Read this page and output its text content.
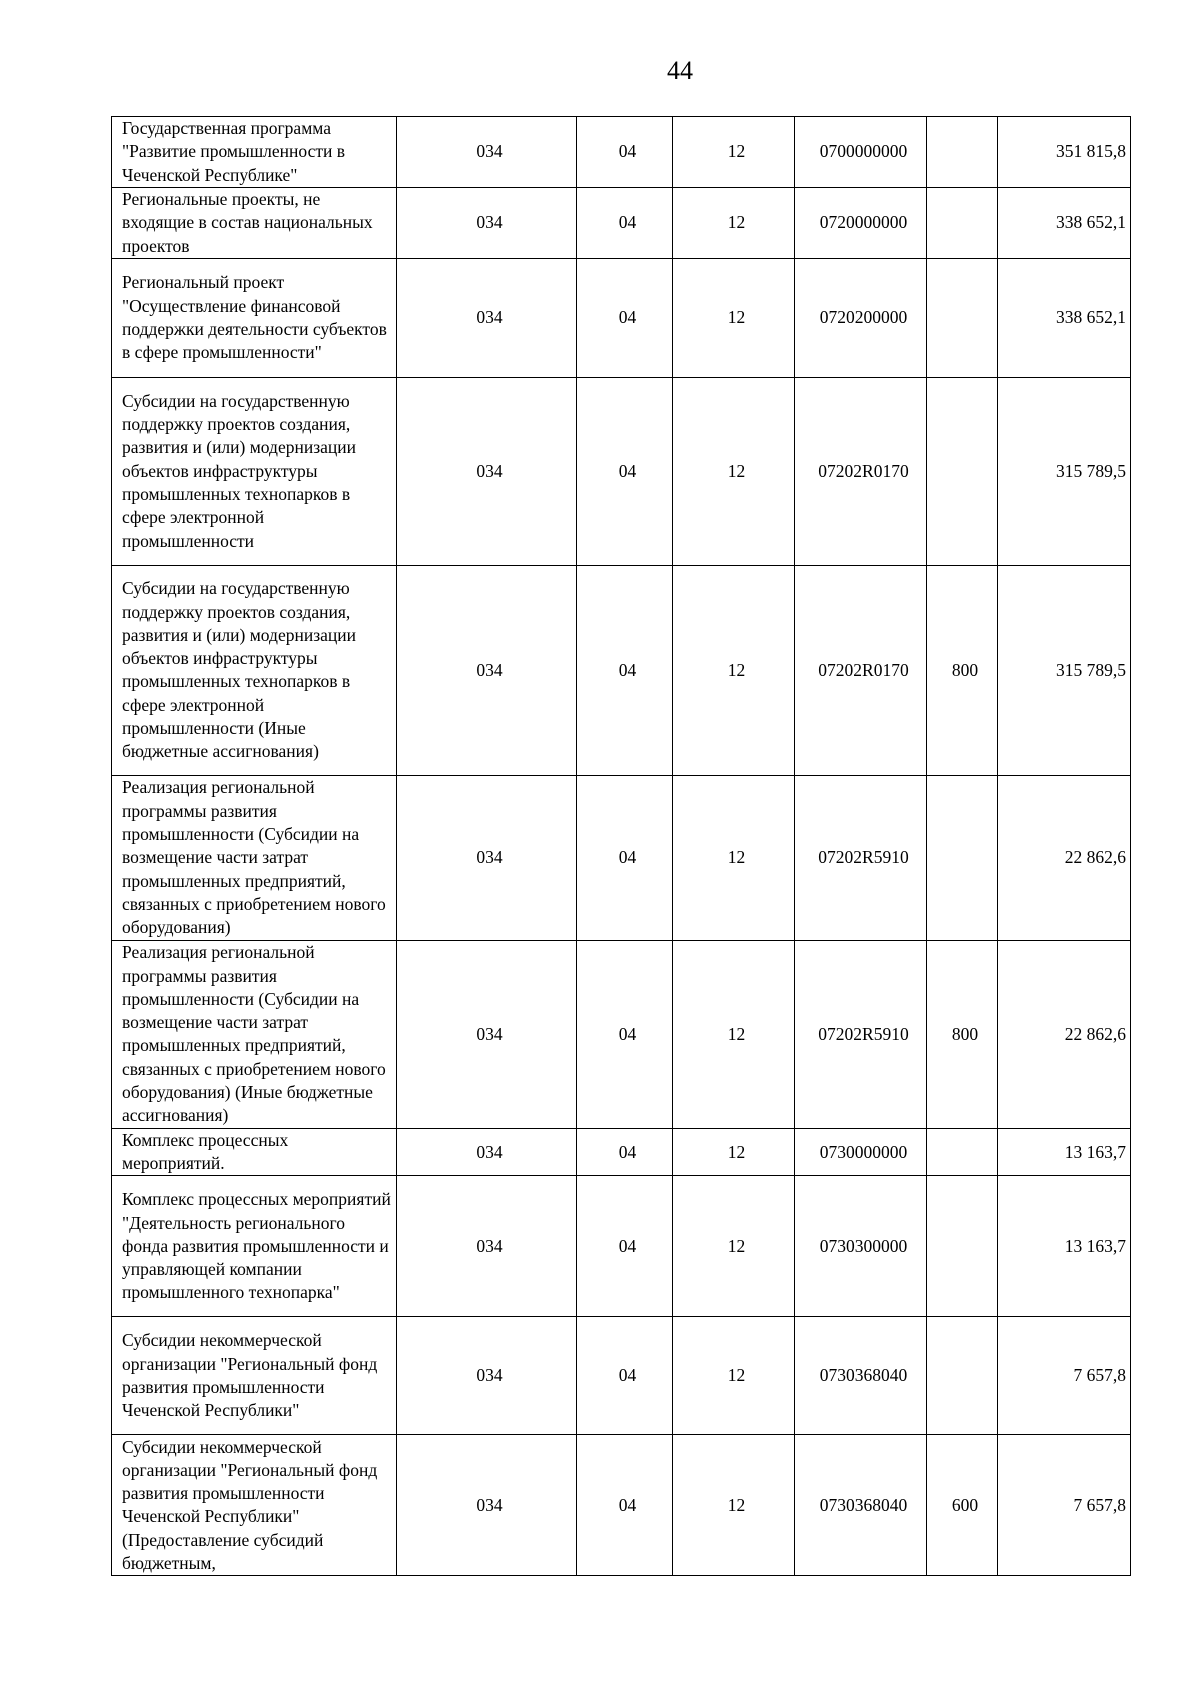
44
Государственная программа "Развитие промышленности в Чеченской Республике"	034	04	12	0700000000		351 815,8
Региональные проекты, не входящие в состав национальных проектов	034	04	12	0720000000		338 652,1
Региональный проект "Осуществление финансовой поддержки деятельности субъектов в сфере промышленности"	034	04	12	0720200000		338 652,1
Субсидии на государственную поддержку проектов создания, развития и (или) модернизации объектов инфраструктуры промышленных технопарков в сфере электронной промышленности	034	04	12	07202R0170		315 789,5
Субсидии на государственную поддержку проектов создания, развития и (или) модернизации объектов инфраструктуры промышленных технопарков в сфере электронной промышленности (Иные бюджетные ассигнования)	034	04	12	07202R0170	800	315 789,5
Реализация региональной программы развития промышленности (Субсидии на возмещение части затрат промышленных предприятий, связанных с приобретением нового оборудования)	034	04	12	07202R5910		22 862,6
Реализация региональной программы развития промышленности (Субсидии на возмещение части затрат промышленных предприятий, связанных с приобретением нового оборудования) (Иные бюджетные ассигнования)	034	04	12	07202R5910	800	22 862,6
Комплекс процессных мероприятий.	034	04	12	0730000000		13 163,7
Комплекс процессных мероприятий "Деятельность регионального фонда развития промышленности и управляющей компании промышленного технопарка"	034	04	12	0730300000		13 163,7
Субсидии некоммерческой организации "Региональный фонд развития промышленности Чеченской Республики"	034	04	12	0730368040		7 657,8
Субсидии некоммерческой организации "Региональный фонд развития промышленности Чеченской Республики" (Предоставление субсидий бюджетным,	034	04	12	0730368040	600	7 657,8
